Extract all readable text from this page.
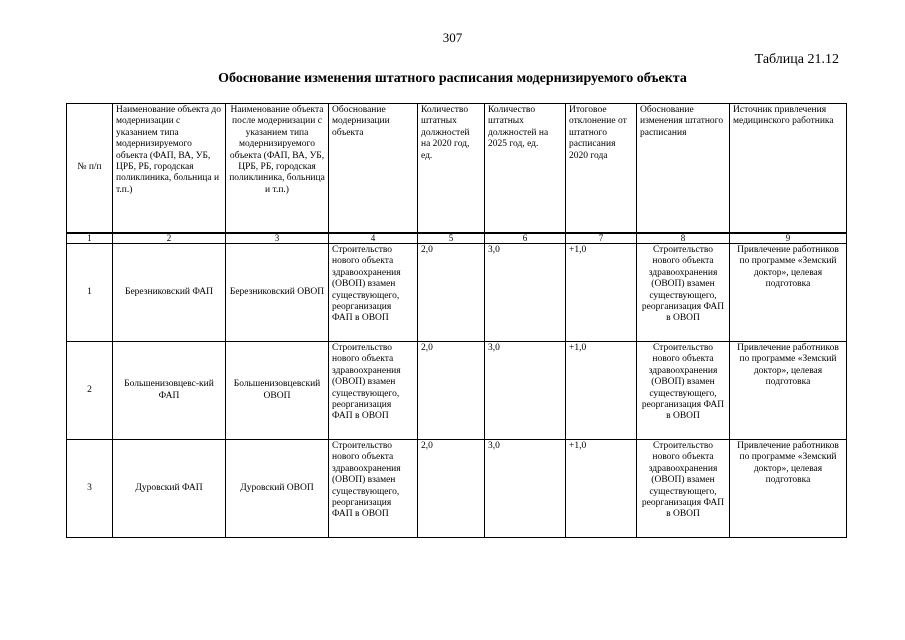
307
Таблица 21.12
Обоснование изменения штатного расписания модернизируемого объекта
№ п/п	Наименование объекта до модернизации с указанием типа модернизируемого объекта (ФАП, ВА, УБ, ЦРБ, РБ, городская поликлиника, больница и т.п.)	Наименование объекта после модернизации с указанием типа модернизируемого объекта (ФАП, ВА, УБ, ЦРБ, РБ, городская поликлиника, больница и т.п.)	Обоснование модернизации объекта	Количество штатных должностей на 2020 год, ед.	Количество штатных должностей на 2025 год, ед.	Итоговое отклонение от штатного расписания 2020 года	Обоснование изменения штатного расписания	Источник привлечения медицинского работника
1	2	3	4	5	6	7	8	9
1	Березниковский ФАП	Березниковский ОВОП	Строительство нового объекта здравоохранения (ОВОП) взамен существующего, реорганизация ФАП в ОВОП	2,0	3,0	+1,0	Строительство нового объекта здравоохранения (ОВОП) взамен существующего, реорганизация ФАП в ОВОП	Привлечение работников по программе «Земский доктор», целевая подготовка
2	Большенизовцевс-кий ФАП	Большенизовцевский ОВОП	Строительство нового объекта здравоохранения (ОВОП) взамен существующего, реорганизация ФАП в ОВОП	2,0	3,0	+1,0	Строительство нового объекта здравоохранения (ОВОП) взамен существующего, реорганизация ФАП в ОВОП	Привлечение работников по программе «Земский доктор», целевая подготовка
3	Дуровский ФАП	Дуровский ОВОП	Строительство нового объекта здравоохранения (ОВОП) взамен существующего, реорганизация ФАП в ОВОП	2,0	3,0	+1,0	Строительство нового объекта здравоохранения (ОВОП) взамен существующего, реорганизация ФАП в ОВОП	Привлечение работников по программе «Земский доктор», целевая подготовка
